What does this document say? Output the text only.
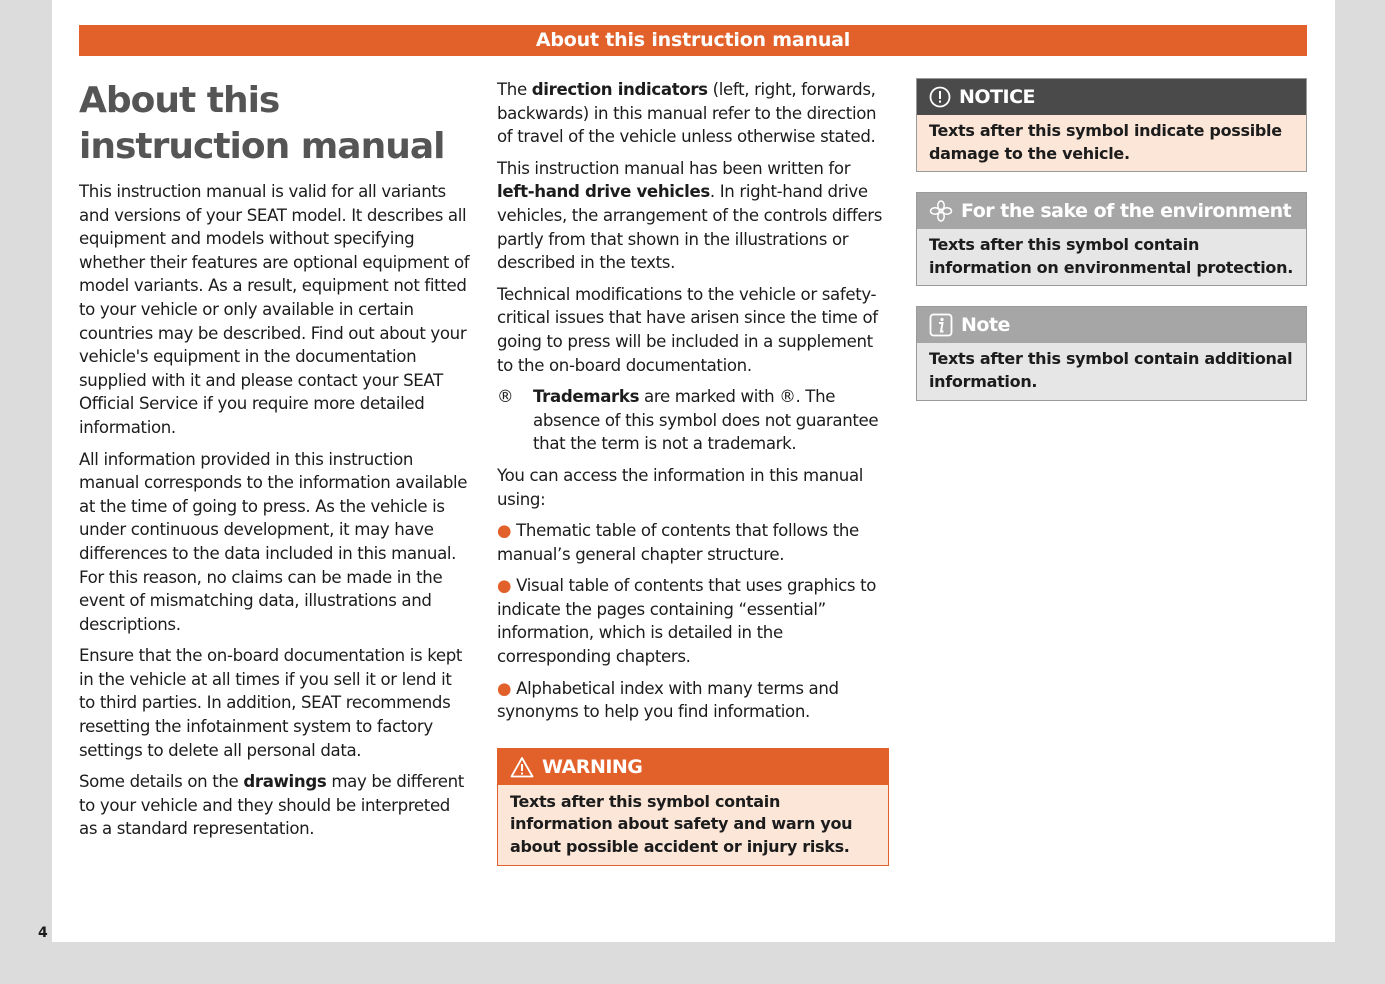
About this instruction manual
About this instruction manual

This instruction manual is valid for all variants and versions of your SEAT model. It describes all equipment and models without specifying whether their features are optional equipment of model variants. As a result, equipment not fitted to your vehicle or only available in certain countries may be described. Find out about your vehicle's equipment in the documentation supplied with it and please contact your SEAT Official Service if you require more detailed information.

All information provided in this instruction manual corresponds to the information available at the time of going to press. As the vehicle is under continuous development, it may have differences to the data included in this manual. For this reason, no claims can be made in the event of mismatching data, illustrations and descriptions.

Ensure that the on-board documentation is kept in the vehicle at all times if you sell it or lend it to third parties. In addition, SEAT recommends resetting the infotainment system to factory settings to delete all personal data.

Some details on the drawings may be different to your vehicle and they should be interpreted as a standard representation.

The direction indicators (left, right, forwards, backwards) in this manual refer to the direction of travel of the vehicle unless otherwise stated.

This instruction manual has been written for left-hand drive vehicles. In right-hand drive vehicles, the arrangement of the controls differs partly from that shown in the illustrations or described in the texts.

Technical modifications to the vehicle or safety-critical issues that have arisen since the time of going to press will be included in a supplement to the on-board documentation.

®	Trademarks are marked with ®. The absence of this symbol does not guarantee that the term is not a trademark.

You can access the information in this manual using:

● Thematic table of contents that follows the manual’s general chapter structure.

● Visual table of contents that uses graphics to indicate the pages containing “essential” information, which is detailed in the corresponding chapters.

● Alphabetical index with many terms and synonyms to help you find information.

WARNING
Texts after this symbol contain information about safety and warn you about possible accident or injury risks.
NOTICE
Texts after this symbol indicate possible damage to the vehicle.
For the sake of the environment
Texts after this symbol contain information on environmental protection.
Note
Texts after this symbol contain additional information.
4
